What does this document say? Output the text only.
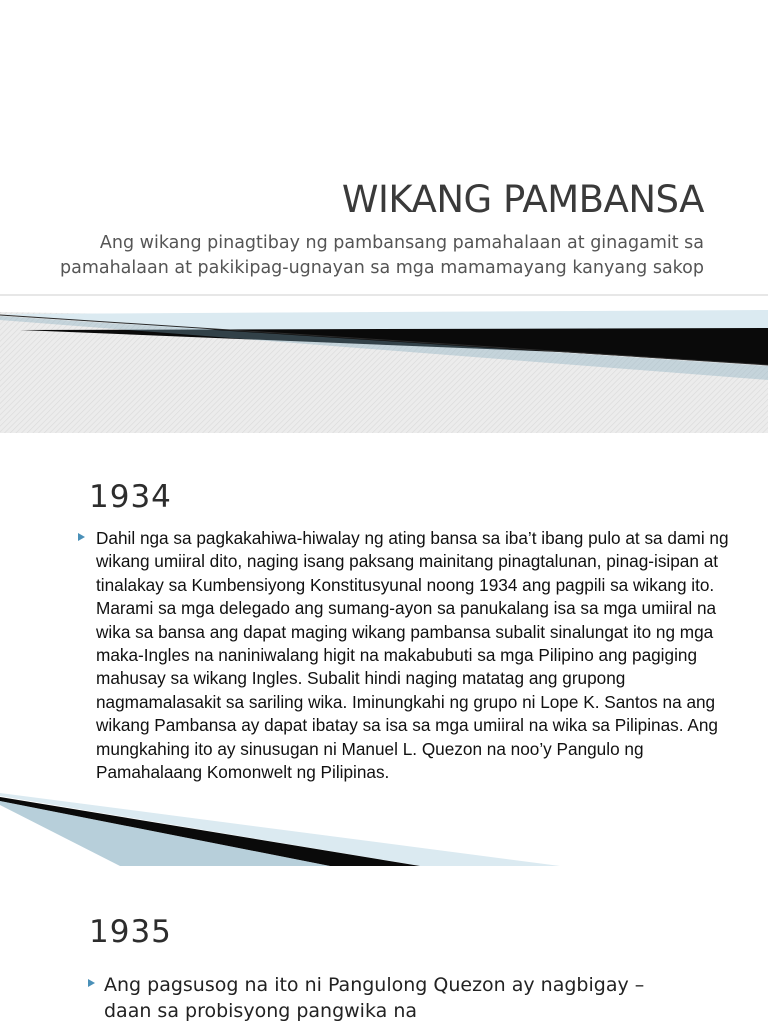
WIKANG PAMBANSA
Ang wikang pinagtibay ng pambansang pamahalaan at ginagamit sa pamahalaan at pakikipag-ugnayan sa mga mamamayang kanyang sakop
1934
Dahil nga sa pagkakahiwa-hiwalay ng ating bansa sa iba’t ibang pulo at sa dami ng wikang umiiral dito, naging isang paksang mainitang pinagtalunan, pinag-isipan at tinalakay sa Kumbensiyong Konstitusyunal noong 1934 ang pagpili sa wikang ito. Marami sa mga delegado ang sumang-ayon sa panukalang isa sa mga umiiral na wika sa bansa ang dapat maging wikang pambansa subalit sinalungat ito ng mga maka-Ingles na naniniwalang higit na makabubuti sa mga Pilipino ang pagiging mahusay sa wikang Ingles. Subalit hindi naging matatag ang grupong nagmamalasakit sa sariling wika. Iminungkahi ng grupo ni Lope K. Santos na ang wikang Pambansa ay dapat ibatay sa isa sa mga umiiral na wika sa Pilipinas. Ang mungkahing ito ay sinusugan ni Manuel L. Quezon na noo’y Pangulo ng Pamahalaang Komonwelt ng Pilipinas.
1935
Ang pagsusog na ito ni Pangulong Quezon ay nagbigay –daan sa probisyong pangwika na
